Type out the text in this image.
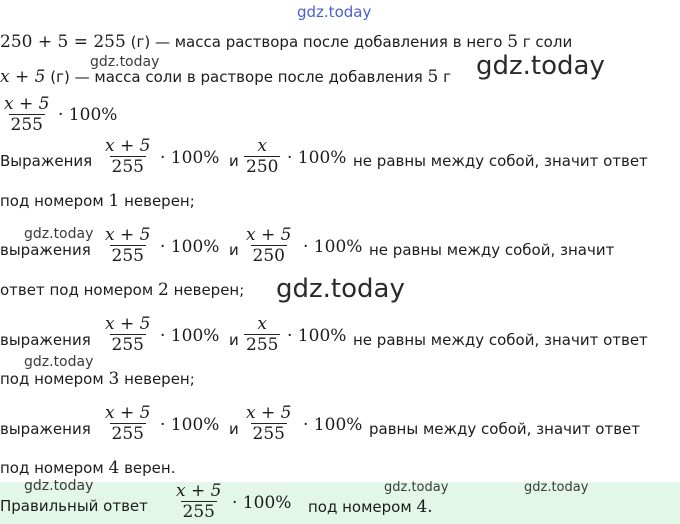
gdz.today
250 + 5 = 255 (г) — масса раствора после добавления в него 5 г соли
gdz.today
x + 5 (г) — масса соли в растворе после добавления 5 г gdz.today
$\frac{x + 5}{255} \cdot 100\%$
Выражения $\frac{x + 5}{255} \cdot 100\%$ и $\frac{x}{250} \cdot 100\%$ не равны между собой, значит ответ
под номером 1 неверен;
gdz.today
выражения $\frac{x + 5}{255} \cdot 100\%$ и $\frac{x + 5}{250} \cdot 100\%$ не равны между собой, значит
ответ под номером 2 неверен; gdz.today
выражения $\frac{x + 5}{255} \cdot 100\%$ и $\frac{x}{255} \cdot 100\%$ не равны между собой, значит ответ
gdz.today
под номером 3 неверен;
выражения $\frac{x + 5}{255} \cdot 100\%$ и $\frac{x + 5}{255} \cdot 100\%$ равны между собой, значит ответ
под номером 4 верен.
gdz.today	gdz.today	gdz.today
Правильный ответ $\frac{x + 5}{255} \cdot 100\%$ под номером 4.
